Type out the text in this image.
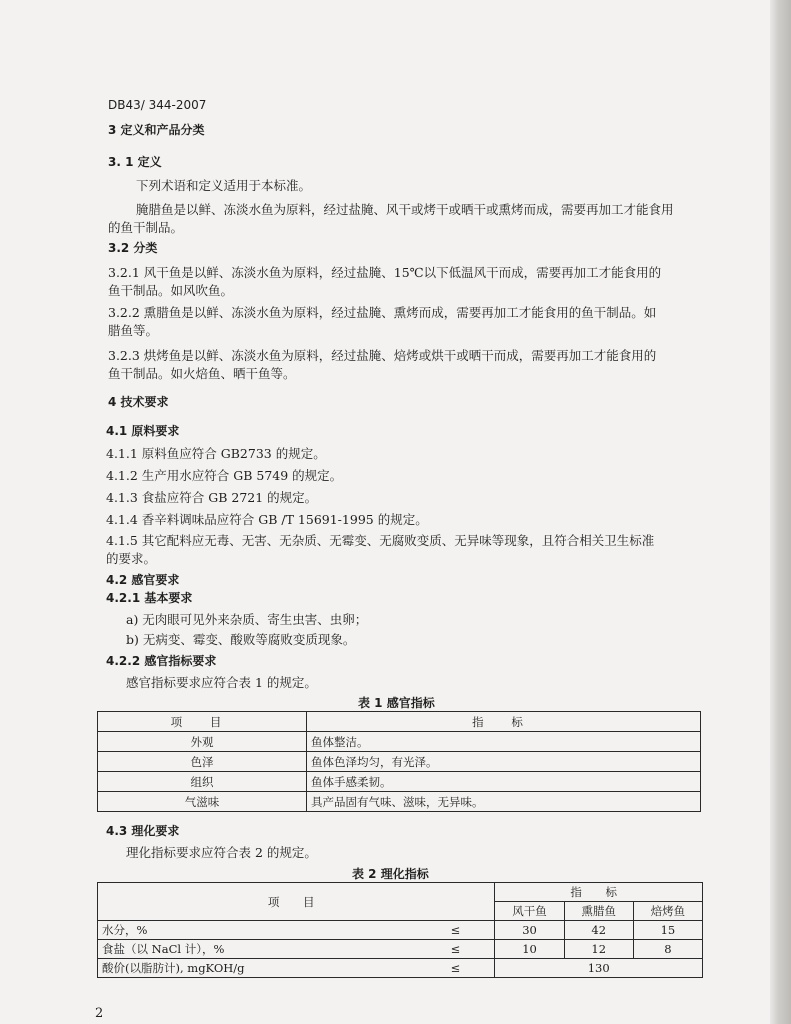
DB43/ 344-2007
3 定义和产品分类
3. 1 定义
下列术语和定义适用于本标准。
腌腊鱼是以鲜、冻淡水鱼为原料，经过盐腌、风干或烤干或晒干或熏烤而成，需要再加工才能食用
的鱼干制品。
3.2 分类
3.2.1 风干鱼是以鲜、冻淡水鱼为原料，经过盐腌、15℃以下低温风干而成，需要再加工才能食用的
鱼干制品。如风吹鱼。
3.2.2 熏腊鱼是以鲜、冻淡水鱼为原料，经过盐腌、熏烤而成，需要再加工才能食用的鱼干制品。如
腊鱼等。
3.2.3 烘烤鱼是以鲜、冻淡水鱼为原料，经过盐腌、焙烤或烘干或晒干而成，需要再加工才能食用的
鱼干制品。如火焙鱼、晒干鱼等。
4 技术要求
4.1 原料要求
4.1.1 原料鱼应符合 GB2733 的规定。
4.1.2 生产用水应符合 GB 5749 的规定。
4.1.3 食盐应符合 GB 2721 的规定。
4.1.4 香辛料调味品应符合 GB /T 15691-1995 的规定。
4.1.5 其它配料应无毒、无害、无杂质、无霉变、无腐败变质、无异味等现象，且符合相关卫生标准
的要求。
4.2 感官要求
4.2.1 基本要求
a) 无肉眼可见外来杂质、寄生虫害、虫卵；
b) 无病变、霉变、酸败等腐败变质现象。
4.2.2 感官指标要求
感官指标要求应符合表 1 的规定。
表 1 感官指标
项 目	指 标
外观	鱼体整洁。
色泽	鱼体色泽均匀，有光泽。
组织	鱼体手感柔韧。
气滋味	具产品固有气味、滋味，无异味。
4.3 理化要求
理化指标要求应符合表 2 的规定。
表 2 理化指标
项 目		指 标		
		风干鱼	熏腊鱼	焙烤鱼
水分，%	≤	30	42	15
食盐（以 NaCl 计），%	≤	10	12	8
酸价(以脂肪计), mgKOH/g	≤	130		
2
